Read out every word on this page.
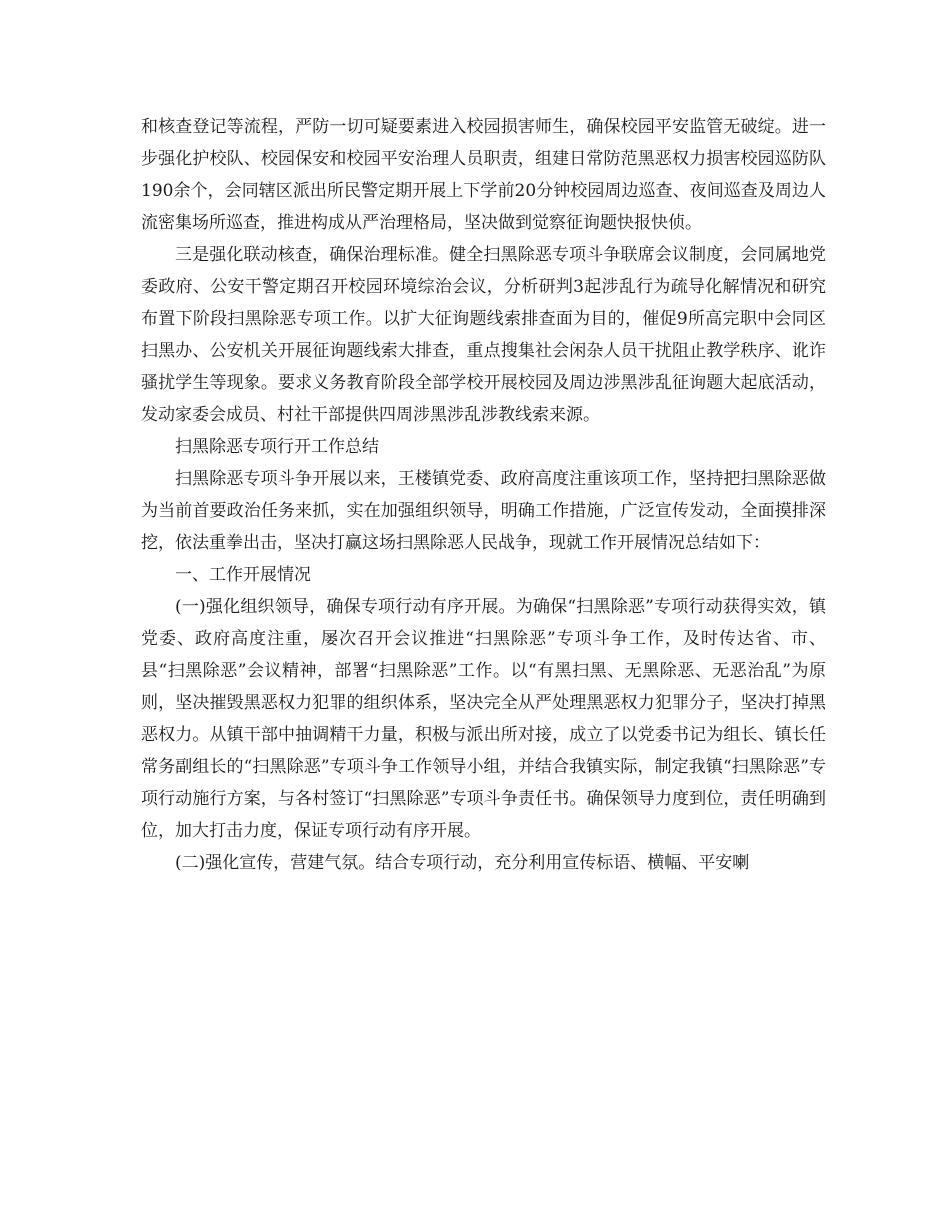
和核查登记等流程，严防一切可疑要素进入校园损害师生，确保校园平安监管无破绽。进一步强化护校队、校园保安和校园平安治理人员职责，组建日常防范黑恶权力损害校园巡防队190余个，会同辖区派出所民警定期开展上下学前20分钟校园周边巡查、夜间巡查及周边人流密集场所巡查，推进构成从严治理格局，坚决做到觉察征询题快报快侦。

三是强化联动核查，确保治理标准。健全扫黑除恶专项斗争联席会议制度，会同属地党委政府、公安干警定期召开校园环境综治会议，分析研判3起涉乱行为疏导化解情况和研究布置下阶段扫黑除恶专项工作。以扩大征询题线索排查面为目的，催促9所高完职中会同区扫黑办、公安机关开展征询题线索大排查，重点搜集社会闲杂人员干扰阻止教学秩序、讹诈骚扰学生等现象。要求义务教育阶段全部学校开展校园及周边涉黑涉乱征询题大起底活动，发动家委会成员、村社干部提供四周涉黑涉乱涉教线索来源。

扫黑除恶专项行开工作总结

扫黑除恶专项斗争开展以来，王楼镇党委、政府高度注重该项工作，坚持把扫黑除恶做为当前首要政治任务来抓，实在加强组织领导，明确工作措施，广泛宣传发动，全面摸排深挖，依法重拳出击，坚决打赢这场扫黑除恶人民战争，现就工作开展情况总结如下：

一、工作开展情况

(一)强化组织领导，确保专项行动有序开展。为确保“扫黑除恶”专项行动获得实效，镇党委、政府高度注重，屡次召开会议推进“扫黑除恶”专项斗争工作，及时传达省、市、县“扫黑除恶”会议精神，部署“扫黑除恶”工作。以“有黑扫黑、无黑除恶、无恶治乱”为原则，坚决摧毁黑恶权力犯罪的组织体系，坚决完全从严处理黑恶权力犯罪分子，坚决打掉黑恶权力。从镇干部中抽调精干力量，积极与派出所对接，成立了以党委书记为组长、镇长任常务副组长的“扫黑除恶”专项斗争工作领导小组，并结合我镇实际，制定我镇“扫黑除恶”专项行动施行方案，与各村签订“扫黑除恶”专项斗争责任书。确保领导力度到位，责任明确到位，加大打击力度，保证专项行动有序开展。

(二)强化宣传，营建气氛。结合专项行动，充分利用宣传标语、横幅、平安喇
